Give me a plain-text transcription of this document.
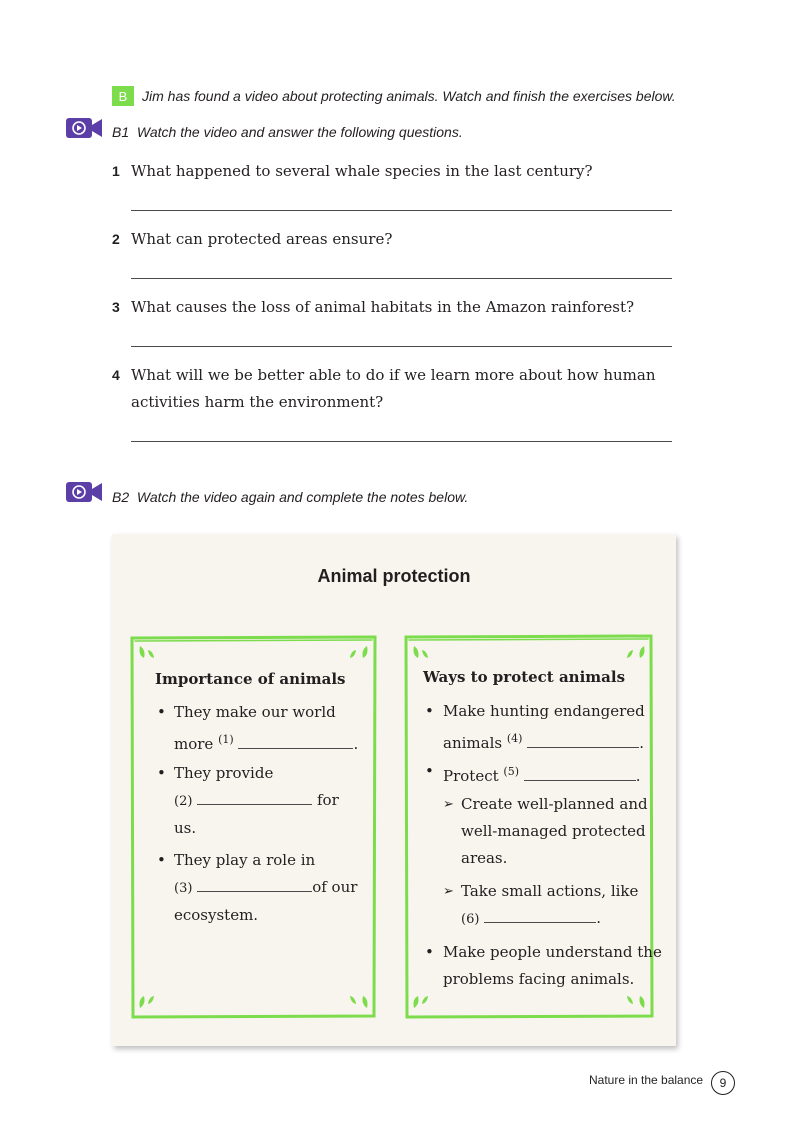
B	Jim has found a video about protecting animals. Watch and finish the exercises below.
B1 Watch the video and answer the following questions.
1 What happened to several whale species in the last century?
2 What can protected areas ensure?
3 What causes the loss of animal habitats in the Amazon rainforest?
4 What will we be better able to do if we learn more about how human activities harm the environment?
B2 Watch the video again and complete the notes below.
Animal protection
Importance of animals
• They make our world
more $^{(1)}$	.
• They provide
(2)	for
us.
• They play a role in
(3)	of our
ecosystem.
Ways to protect animals
• Make hunting endangered
animals $^{(4)}$	.
• Protect $^{(5)}$	.
➢ Create well-planned and
well-managed protected
areas.
➢ Take small actions, like
(6)	.
• Make people understand the
problems facing animals.
Nature in the balance	9
